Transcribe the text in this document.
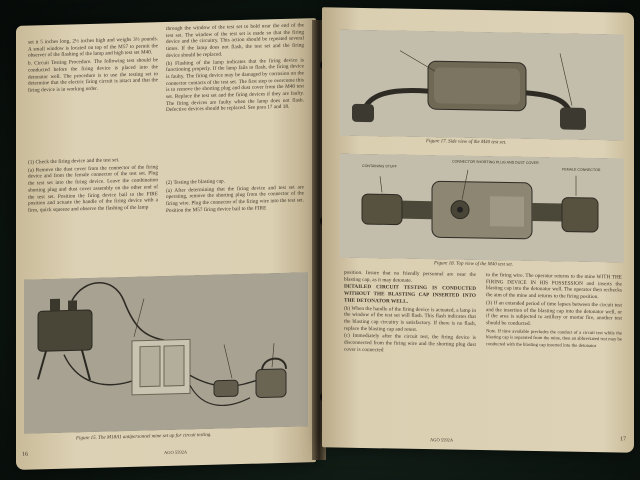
set it 5 inches long, 2½ inches high and weighs 3½ pounds. A small window is located on top of the M57 to permit the observer of the flashing of the lamp and high test set M40.

b. Circuit Testing Procedure. The following test should be conducted before the firing device is placed into the detonator well. The procedure is to use the testing set to determine that the electric firing circuit is intact and that the firing device is in working order.

(1) Check the firing device and the test set.

(a) Remove the dust cover from the connector of the firing device and from the female connector of the test set. Plug the test set into the firing device. Leave the combination shorting plug and dust cover assembly on the other end of the test set. Position the firing device bail to the FIRE position and actuate the handle of the firing device with a firm, quick squeeze and observe the flashing of the lamp

through the window of the test set to hold near the end of the test set. The window of the test set is made so that the firing device and the circuitry. This action should be repeated several times. If the lamp does not flash, the test set and the firing device should be replaced.

(b) Flashing of the lamp indicates that the firing device is functioning properly. If the lamp fails to flash, the firing device is faulty. The firing device may be damaged by corrosion on the connector contacts of the test set. The first step to overcome this is to remove the shorting plug and dust cover from the M40 test set. Replace the test set and the firing devices if they are faulty. The firing devices are faulty when the lamp does not flash. Defective devices should be replaced. See para 17 and 18.

(2) Testing the blasting cap.

(a) After determining that the firing device and test set are operating, remove the shorting plug from the connector of the firing wire. Plug the connector of the firing wire into the test set. Position the M57 firing device bail to the FIRE

Figure 15. The M18A1 antipersonnel mine set up for circuit testing.
16	AGO 5592A
Figure 17. Side view of the M40 test set.
CONTAINING STUFF
CONNECTOR SHORTING PLUG AND DUST COVER
FEMALE CONNECTOR
Figure 18. Top view of the M40 test set.

position. Insure that no friendly personnel are near the blasting cap, as it may detonate.

DETAILED CIRCUIT TESTING IS CONDUCTED WITHOUT THE BLASTING CAP INSERTED INTO THE DETONATOR WELL.

(b) When the handle of the firing device is actuated, a lamp in the window of the test set will flash. This flash indicates that the blasting cap circuitry is satisfactory. If there is no flash, replace the blasting cap and retest.

(c) Immediately after the circuit test, the firing device is disconnected from the firing wire and the shorting plug dust cover is connected

to the firing wire. The operator returns to the mine WITH THE FIRING DEVICE IN HIS POSSESSION and inserts the blasting cap into the detonator well. The operator then rechecks the aim of the mine and returns to the firing position.

(3) If an extended period of time lapses between the circuit test and the insertion of the blasting cap into the detonator well, or if the area is subjected to artillery or mortar fire, another test should be conducted.

Note. If time available precludes the conduct of a circuit test while the blasting cap is separated from the mine, then an abbreviated test may be conducted with the blasting cap inserted into the detonator

17
AGO 5592A
